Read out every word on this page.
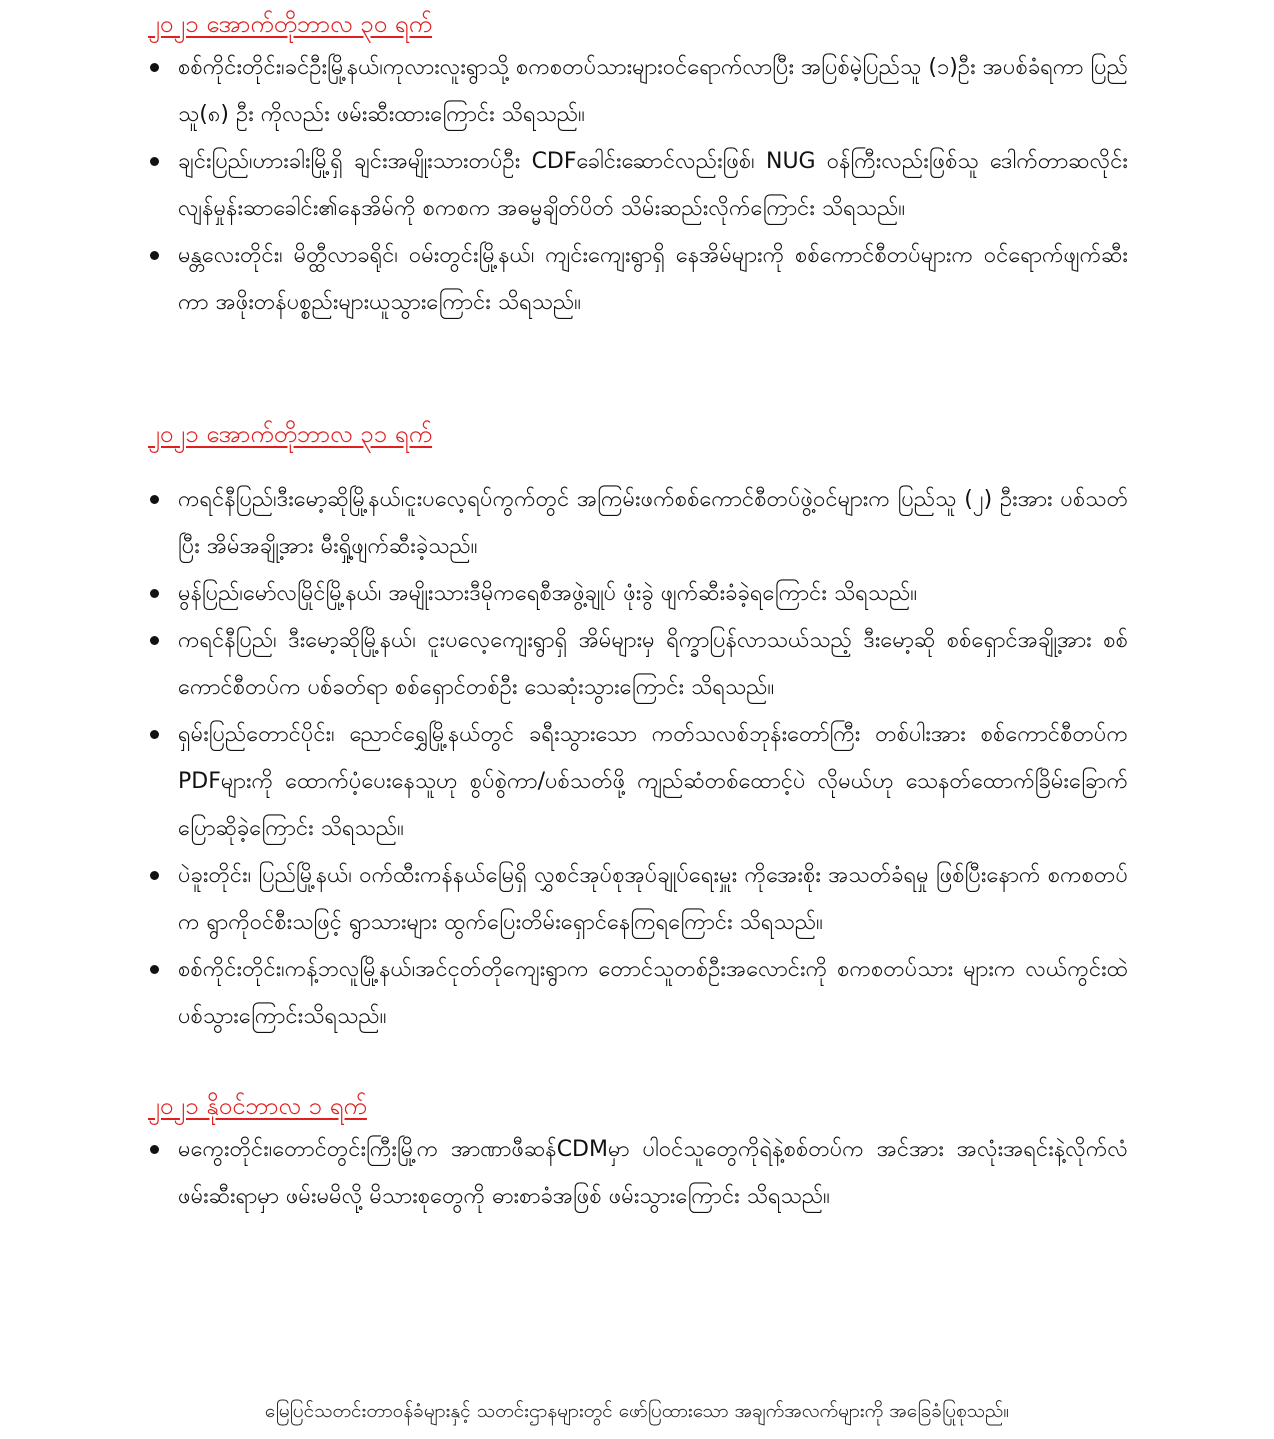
၂၀၂၁ အောက်တိုဘာလ ၃၀ ရက်
စစ်ကိုင်းတိုင်း၊ခင်ဦးမြို့နယ်၊ကုလားလူးရွာသို့ စကစတပ်သားများဝင်ရောက်လာပြီး အပြစ်မဲ့ပြည်သူ (၁)ဦး အပစ်ခံရကာ ပြည်သူ(၈) ဦး ကိုလည်း ဖမ်းဆီးထားကြောင်း သိရသည်။
ချင်းပြည်၊ဟားခါးမြို့ရှိ ချင်းအမျိုးသားတပ်ဦး CDFခေါင်းဆောင်လည်းဖြစ်၊ NUG ဝန်ကြီးလည်းဖြစ်သူ ဒေါက်တာဆလိုင်းလျန်မှုန်းဆာခေါင်း၏နေအိမ်ကို စကစက အဓမ္မချိတ်ပိတ် သိမ်းဆည်းလိုက်ကြောင်း သိရသည်။
မန္တလေးတိုင်း၊ မိတ္ထီလာခရိုင်၊ ဝမ်းတွင်းမြို့နယ်၊ ကျင်းကျေးရွာရှိ နေအိမ်များကို စစ်ကောင်စီတပ်များက ဝင်ရောက်ဖျက်ဆီးကာ အဖိုးတန်ပစ္စည်းများယူသွားကြောင်း သိရသည်။
၂၀၂၁ အောက်တိုဘာလ ၃၁ ရက်
ကရင်နီပြည်၊ဒီးမော့ဆိုမြို့နယ်၊ငူးပလေ့ရပ်ကွက်တွင် အကြမ်းဖက်စစ်ကောင်စီတပ်ဖွဲ့ဝင်များက ပြည်သူ (၂) ဦးအား ပစ်သတ်ပြီး အိမ်အချို့အား မီးရှို့ဖျက်ဆီးခဲ့သည်။
မွန်ပြည်၊မော်လမြိုင်မြို့နယ်၊ အမျိုးသားဒီမိုကရေစီအဖွဲ့ချုပ် ဖုံးခွဲ ဖျက်ဆီးခံခဲ့ရကြောင်း သိရသည်။
ကရင်နီပြည်၊ ဒီးမော့ဆိုမြို့နယ်၊ ငူးပလေ့ကျေးရွာရှိ အိမ်များမှ ရိက္ခာပြန်လာသယ်သည့် ဒီးမော့ဆို စစ်ရှောင်အချို့အား စစ်ကောင်စီတပ်က ပစ်ခတ်ရာ စစ်ရှောင်တစ်ဦး သေဆုံးသွားကြောင်း သိရသည်။
ရှမ်းပြည်တောင်ပိုင်း၊ ညောင်ရွှေမြို့နယ်တွင် ခရီးသွားသော ကတ်သလစ်ဘုန်းတော်ကြီး တစ်ပါးအား စစ်ကောင်စီတပ်က PDFများကို ထောက်ပံ့ပေးနေသူဟု စွပ်စွဲကာ/ပစ်သတ်ဖို့ ကျည်ဆံတစ်ထောင့်ပဲ လိုမယ်ဟု သေနတ်ထောက်ခြိမ်းခြောက်ပြောဆိုခဲ့ကြောင်း သိရသည်။
ပဲခူးတိုင်း၊ ပြည်မြို့နယ်၊ ဝက်ထီးကန်နယ်မြေရှိ လွှစင်အုပ်စုအုပ်ချုပ်ရေးမှူး ကိုအေးစိုး အသတ်ခံရမှု ဖြစ်ပြီးနောက် စကစတပ်က ရွာကိုဝင်စီးသဖြင့် ရွာသားများ ထွက်ပြေးတိမ်းရှောင်နေကြရကြောင်း သိရသည်။
စစ်ကိုင်းတိုင်း၊ကန့်ဘလူမြို့နယ်၊အင်ငုတ်တိုကျေးရွာက တောင်သူတစ်ဦးအလောင်းကို စကစတပ်သား များက လယ်ကွင်းထဲ ပစ်သွားကြောင်းသိရသည်။
၂၀၂၁ နိုဝင်ဘာလ ၁ ရက်
မကွေးတိုင်း၊တောင်တွင်းကြီးမြို့က အာဏာဖီဆန်CDMမှာ ပါဝင်သူတွေကိုရဲနဲ့စစ်တပ်က အင်အား အလုံးအရင်းနဲ့လိုက်လံဖမ်းဆီးရာမှာ ဖမ်းမမိလို့ မိသားစုတွေကို ဓားစာခံအဖြစ် ဖမ်းသွားကြောင်း သိရသည်။

မြေပြင်သတင်းတာဝန်ခံများနှင့် သတင်းဌာနများတွင် ဖော်ပြထားသော အချက်အလက်များကို အခြေခံပြုစုသည်။
